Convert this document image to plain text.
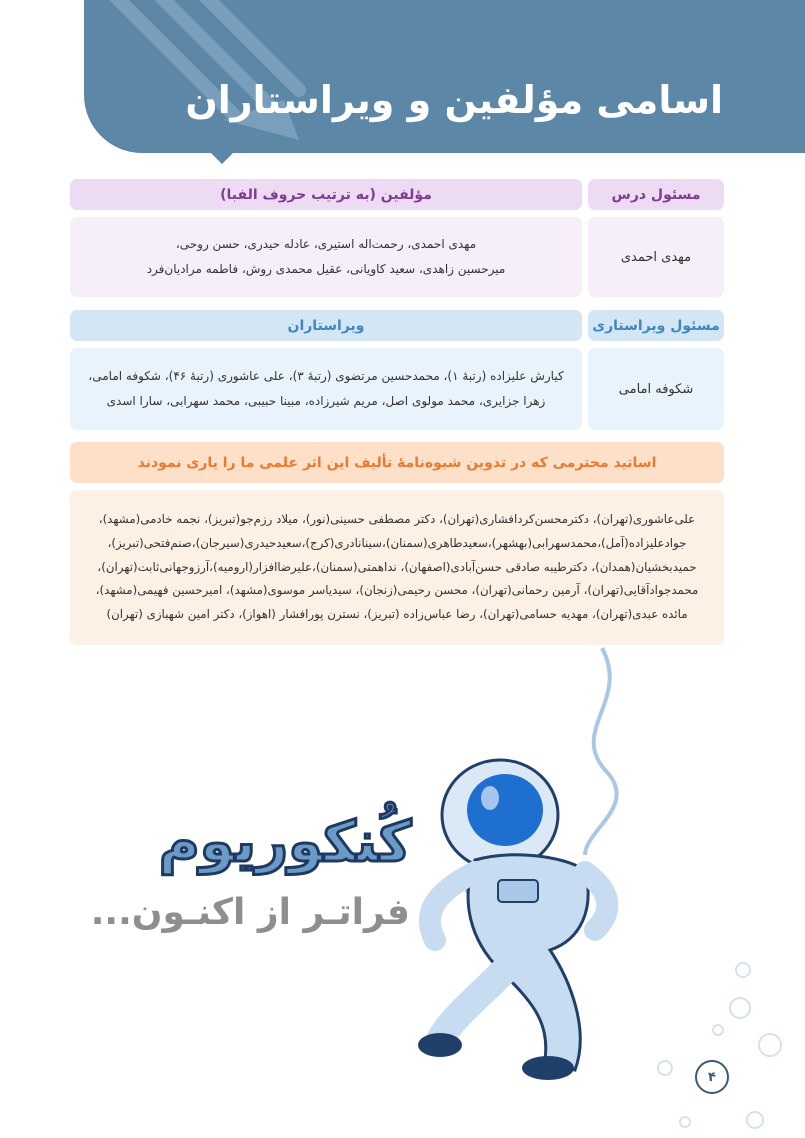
اسامی مؤلفین و ویراستاران
مسئول درس
مؤلفین (به ترتیب حروف الفبا)
مهدی احمدی
مهدی احمدی، رحمت‌اله استیری، عادله حیدری، حسن روحی،
میرحسین زاهدی، سعید کاویانی، عقیل محمدی روش، فاطمه مرادیان‌فرد
مسئول ویراستاری
ویراستاران
شکوفه امامی
کیارش علیزاده (رتبهٔ ۱)، محمدحسین مرتضوی (رتبهٔ ۳)، علی عاشوری (رتبهٔ ۴۶)، شکوفه امامی،
زهرا جزایری، محمد مولوی اصل، مریم شیرزاده، مبینا حبیبی، محمد سهرابی، سارا اسدی
اساتید محترمی که در تدوین شیوه‌نامهٔ تألیف این اثر علمی ما را یاری نمودند
علی‌عاشوری(تهران)، دکترمحسن‌کردافشاری(تهران)، دکتر مصطفی حسینی(نور)، میلاد رزم‌جو(تبریز)، نجمه خادمی(مشهد)،
جوادعلیزاده(آمل)،محمدسهرابی(بهشهر)،سعیدطاهری(سمنان)،سینانادری(کرج)،سعیدحیدری(سیرجان)،صنم‌فتحی(تبریز)،
حمیدبخشیان(همدان)، دکترطیبه صادقی حسن‌آبادی(اصفهان)، نداهمتی(سمنان)،علیرضاافزار(ارومیه)،آرزوجهانی‌ثابت(تهران)،
محمدجوادآقایی(تهران)، آرمین رحمانی(تهران)، محسن رحیمی(زنجان)، سیدیاسر موسوی(مشهد)، امیرحسین فهیمی(مشهد)،
مائده عبدی(تهران)، مهدیه حسامی(تهران)، رضا عباس‌زاده (تبریز)، نسترن پورافشار (اهواز)، دکتر امین شهبازی (تهران)
کُنکوریوم
فراتـر از اکنـون...
۴
